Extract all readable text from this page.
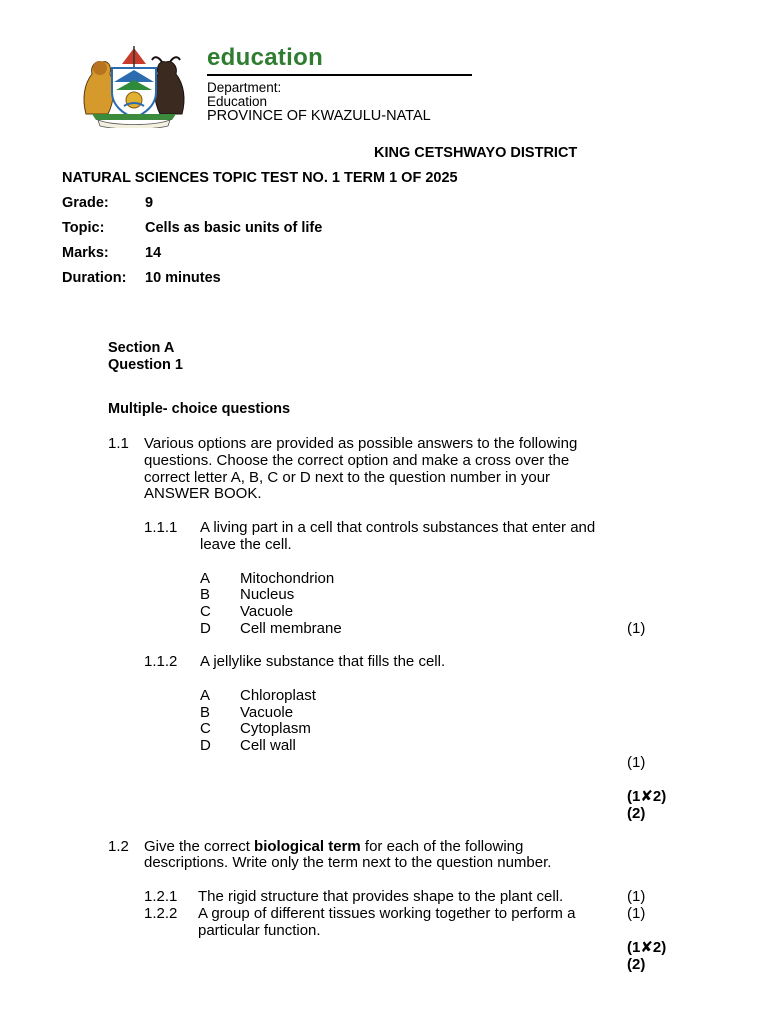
education
Department:
Education
PROVINCE OF KWAZULU-NATAL
KING CETSHWAYO DISTRICT
NATURAL SCIENCES TOPIC TEST NO. 1 TERM 1 OF 2025
Grade:	9
Topic:	Cells as basic units of life
Marks:	14
Duration: 10 minutes
Section A
Question 1
Multiple- choice questions
1.1 Various options are provided as possible answers to the following
questions. Choose the correct option and make a cross over the
correct letter A, B, C or D next to the question number in your
ANSWER BOOK.
1.1.1 A living part in a cell that controls substances that enter and
leave the cell.
A Mitochondrion
B Nucleus
C Vacuole
D Cell membrane	(1)
1.1.2 A jellylike substance that fills the cell.
A Chloroplast
B Vacuole
C Cytoplasm
D Cell wall
(1)
(1✘2)
(2)
1.2 Give the correct biological term for each of the following
descriptions. Write only the term next to the question number.
1.2.1 The rigid structure that provides shape to the plant cell.	(1)
1.2.2 A group of different tissues working together to perform a
particular function.
(1)
(1✘2)
(2)
